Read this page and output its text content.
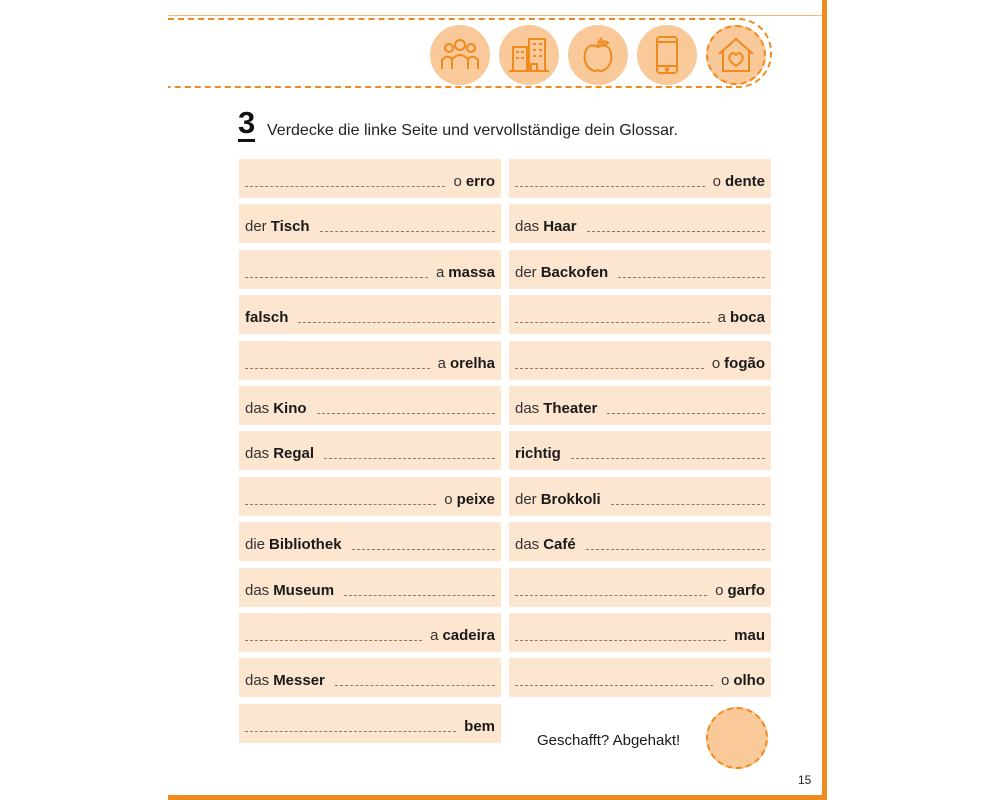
3 Verdecke die linke Seite und vervollständige dein Glossar.
o erro
der Tisch
a massa
falsch
a orelha
das Kino
das Regal
o peixe
die Bibliothek
das Museum
a cadeira
das Messer
bem
o dente
das Haar
der Backofen
a boca
o fogão
das Theater
richtig
der Brokkoli
das Café
o garfo
mau
o olho
Geschafft? Abgehakt!
15
